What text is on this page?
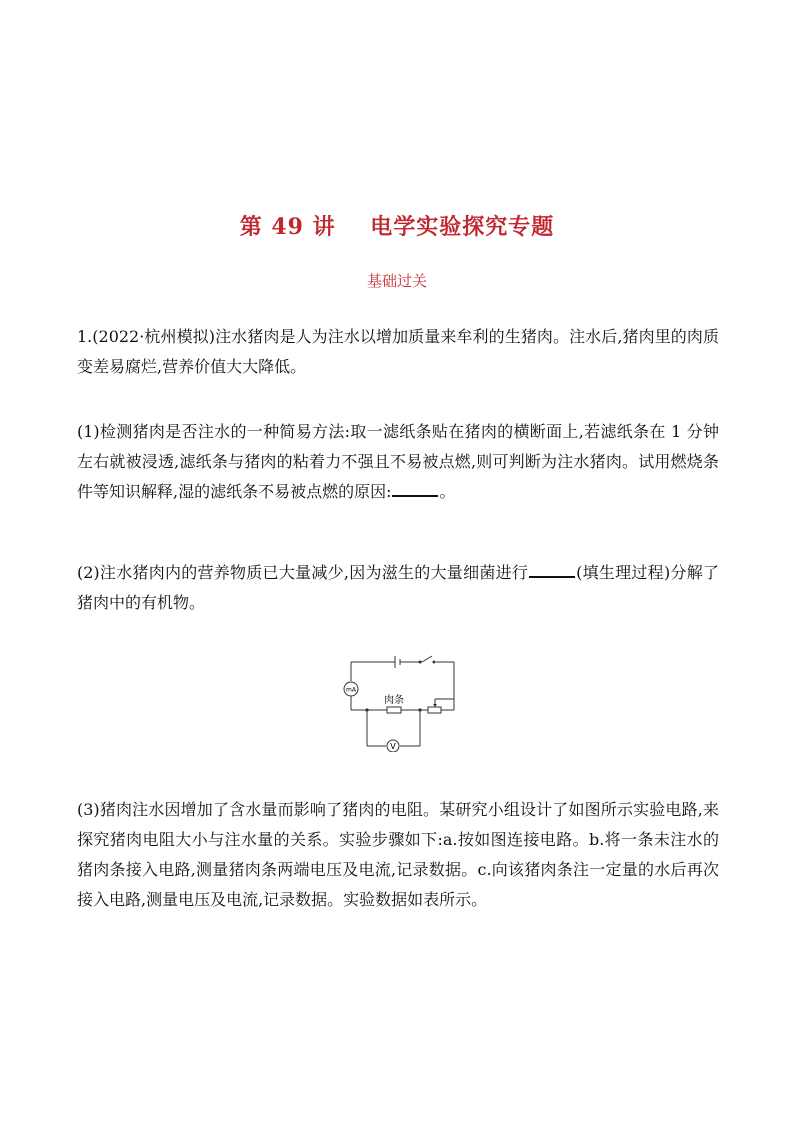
第 49 讲    电学实验探究专题
基础过关

1.(2022·杭州模拟)注水猪肉是人为注水以增加质量来牟利的生猪肉。注水后,猪肉里的肉质变差易腐烂,营养价值大大降低。

(1)检测猪肉是否注水的一种简易方法:取一滤纸条贴在猪肉的横断面上,若滤纸条在 1 分钟左右就被浸透,滤纸条与猪肉的粘着力不强且不易被点燃,则可判断为注水猪肉。试用燃烧条件等知识解释,湿的滤纸条不易被点燃的原因:	。

(2)注水猪肉内的营养物质已大量减少,因为滋生的大量细菌进行	(填生理过程)分解了猪肉中的有机物。

mA
肉条
V

(3)猪肉注水因增加了含水量而影响了猪肉的电阻。某研究小组设计了如图所示实验电路,来探究猪肉电阻大小与注水量的关系。实验步骤如下:a.按如图连接电路。b.将一条未注水的猪肉条接入电路,测量猪肉条两端电压及电流,记录数据。c.向该猪肉条注一定量的水后再次接入电路,测量电压及电流,记录数据。实验数据如表所示。
